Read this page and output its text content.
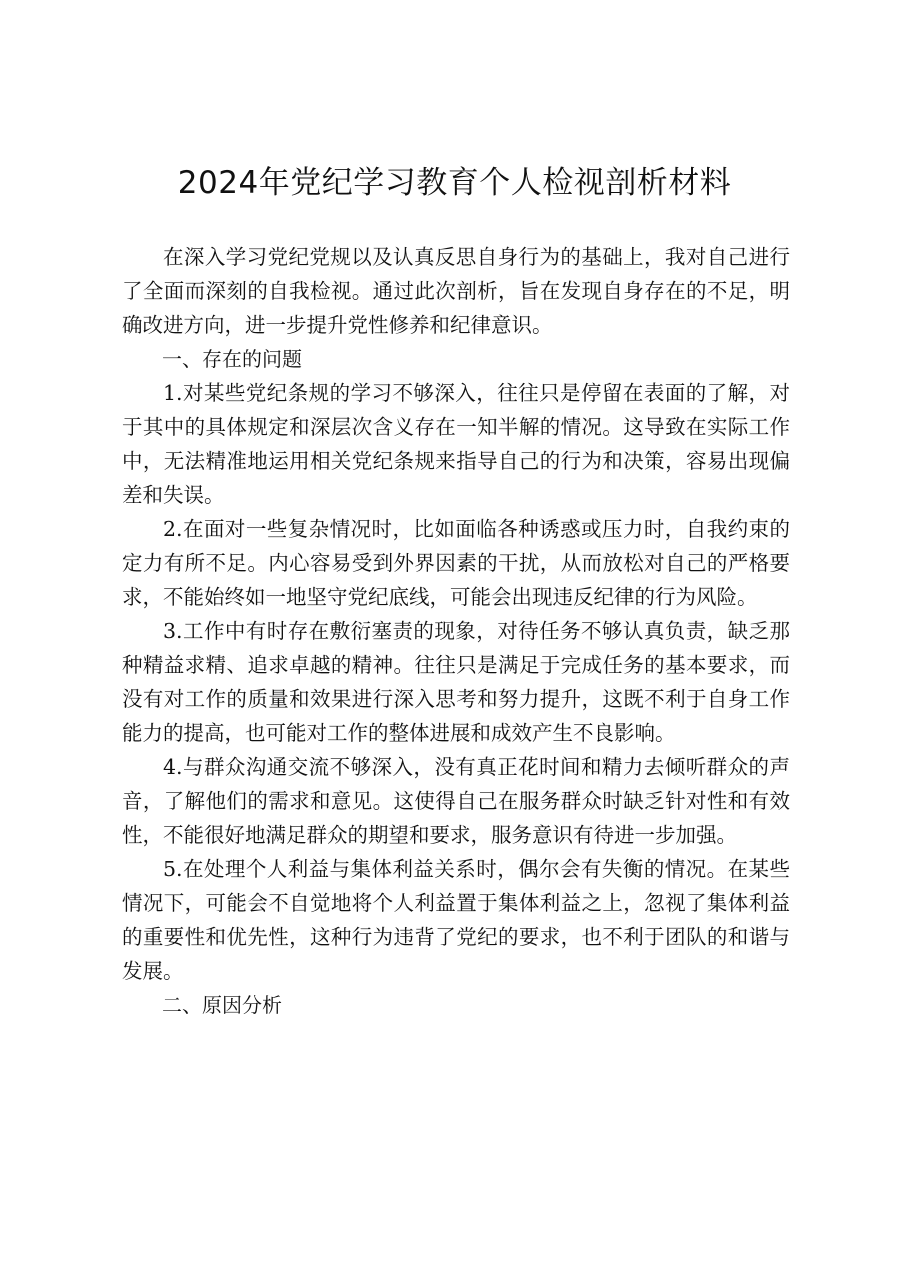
2024年党纪学习教育个人检视剖析材料

在深入学习党纪党规以及认真反思自身行为的基础上，我对自己进行了全面而深刻的自我检视。通过此次剖析，旨在发现自身存在的不足，明确改进方向，进一步提升党性修养和纪律意识。

一、存在的问题

1.对某些党纪条规的学习不够深入，往往只是停留在表面的了解，对于其中的具体规定和深层次含义存在一知半解的情况。这导致在实际工作中，无法精准地运用相关党纪条规来指导自己的行为和决策，容易出现偏差和失误。

2.在面对一些复杂情况时，比如面临各种诱惑或压力时，自我约束的定力有所不足。内心容易受到外界因素的干扰，从而放松对自己的严格要求，不能始终如一地坚守党纪底线，可能会出现违反纪律的行为风险。

3.工作中有时存在敷衍塞责的现象，对待任务不够认真负责，缺乏那种精益求精、追求卓越的精神。往往只是满足于完成任务的基本要求，而没有对工作的质量和效果进行深入思考和努力提升，这既不利于自身工作能力的提高，也可能对工作的整体进展和成效产生不良影响。

4.与群众沟通交流不够深入，没有真正花时间和精力去倾听群众的声音，了解他们的需求和意见。这使得自己在服务群众时缺乏针对性和有效性，不能很好地满足群众的期望和要求，服务意识有待进一步加强。

5.在处理个人利益与集体利益关系时，偶尔会有失衡的情况。在某些情况下，可能会不自觉地将个人利益置于集体利益之上，忽视了集体利益的重要性和优先性，这种行为违背了党纪的要求，也不利于团队的和谐与发展。

二、原因分析
